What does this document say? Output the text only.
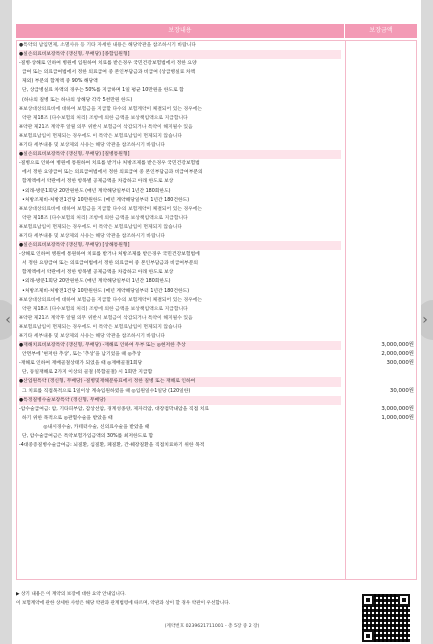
‹	›
보장내용	보장금액
●특약의 납입면제, 소멸사유 등 기타 자세한 내용은 해당약관을 참조하시기 바랍니다
●실손의료비보장특약 (갱신형, 무배당) [종합입원형]
-질병·상해로 인하여 병원에 입원하여 치료를 받은경우 국민건강보험법에서 정한 요양
급여 또는 의료급여법에서 정한 의료급여 중 본인부담금과 비급여 (상급병실료 차액
제외) 부분의 합계액 중 90% 해당액
단, 상급병실료 차액의 경우는 50%를 지급하며 1일 평균 10만원을 한도로 함
(하나의 질병 또는 하나의 상해당 각각 5천만원 한도)
※보상대상의료비에 대하여 보험금을 지급할 다수의 보험계약이 체결되어 있는 경우에는
약관 제18조 (다수보험의 처리) 조항에 의한 금액을 보상책임액으로 지급합니다
※약관 제21조 계약후 알릴 의무 위반시 보험금이 삭감되거나 특약이 해지될수 있음
※보험료납입이 면제되는 경우에도 이 특약은 보험료납입이 면제되지 않습니다
※기타 세부내용 및 보상제외 사유는 해당 약관을 참조하시기 바랍니다
●실손의료비보장특약 (갱신형, 무배당) [질병통원형]
-질병으로 인하여 병원에 통원하여 치료를 받거나 처방조제를 받은경우 국민건강보험법
에서 정한 요양급여 또는 의료급여법에서 정한 의료급여 중 본인부담금과 비급여부분의
합계액에서 약관에서 정한 항목별 공제금액을 차감하고 아래 한도로 보상
•외래-방문1회당 20만원한도 (매년 계약해당일부터 1년간 180회한도)
•처방조제비-처방전1건당 10만원한도 (매년 계약해당일부터 1년간 180건한도)
※보상대상의료비에 대하여 보험금을 지급할 다수의 보험계약이 체결되어 있는 경우에는
약관 제18조 (다수보험의 처리) 조항에 의한 금액을 보상책임액으로 지급합니다
※보험료납입이 면제되는 경우에도 이 특약은 보험료납입이 면제되지 않습니다
※기타 세부내용 및 보상제외 사유는 해당 약관을 참조하시기 바랍니다
●실손의료비보장특약 (갱신형, 무배당) [상해통원형]
-상해로 인하여 병원에 통원하여 치료를 받거나 처방조제를 받은경우 국민건강보험법에
서 정한 요양급여 또는 의료급여법에서 정한 의료급여 중 본인부담금과 비급여부분의
합계액에서 약관에서 정한 항목별 공제금액을 차감하고 아래 한도로 보상
•외래-방문1회당 20만원한도 (매년 계약해당일부터 1년간 180회한도)
•처방조제비-처방전1건당 10만원한도 (매년 계약해당일부터 1년간 180건한도)
※보상대상의료비에 대하여 보험금을 지급할 다수의 보험계약이 체결되어 있는 경우에는
약관 제18조 (다수보험의 처리) 조항에 의한 금액을 보상책임액으로 지급합니다
※약관 제21조 계약후 알릴 의무 위반시 보험금이 삭감되거나 특약이 해지될수 있음
※보험료납입이 면제되는 경우에도 이 특약은 보험료납입이 면제되지 않습니다
※기타 세부내용 및 보상제외 사유는 해당 약관을 참조하시기 바랍니다
●재해치료비보장특약 (갱신형, 무배당) -재해로 인하여 두부 또는 ◎현저한 추상
안면부에 '현저한 추상', 또는 '추상'을 남기었을 때 ◎추상
-재해로 인하여 재배골절상태가 되었을 때 ◎재배골절1회당
단, 동일재해로 2가지 이상의 골절 (복합골절) 시 1회만 지급함
●산업원특약 (갱신형, 무배당) -질병및재해분류표에서 정한 질병 또는 재해로 인하여
그 치료를 직접목적으로 1일이상 계속입원하였을 때 ◎입원일수1일당 (120일한)
●특정질병수술보장특약 (갱신형, 무배당)
-암수술급여금: 암, 기타피부암, 갑상선암, 경계성종양, 제자리암, 대장점막내암을 직접 치료
하기 위한 목적으로 ◎관혈수술을 받았을 때
◎내시경수술, 카테터수술, 신의료수술을 받았을 때
단, 암수술급여금은 특약보험가입금액의 30%를 최저한도로 함
-4대중증질병수술급여금: 뇌질환, 심질환, 폐질환, 간·췌장질환을 직접치료하기 위한 목적
3,000,000원
2,000,000원
300,000원
30,000원
3,000,000원
1,000,000원
▶ 상기 내용은 이 계약의 보장에 대한 요약 안내입니다.
이 보험계약에 관한 상세한 사항은 해당 약관과 관계법령에 따르며, 약관과 상이 할 경우 약관이 우선합니다.
(계약번호 0239621711001 - 총 5장 중 2 장)
